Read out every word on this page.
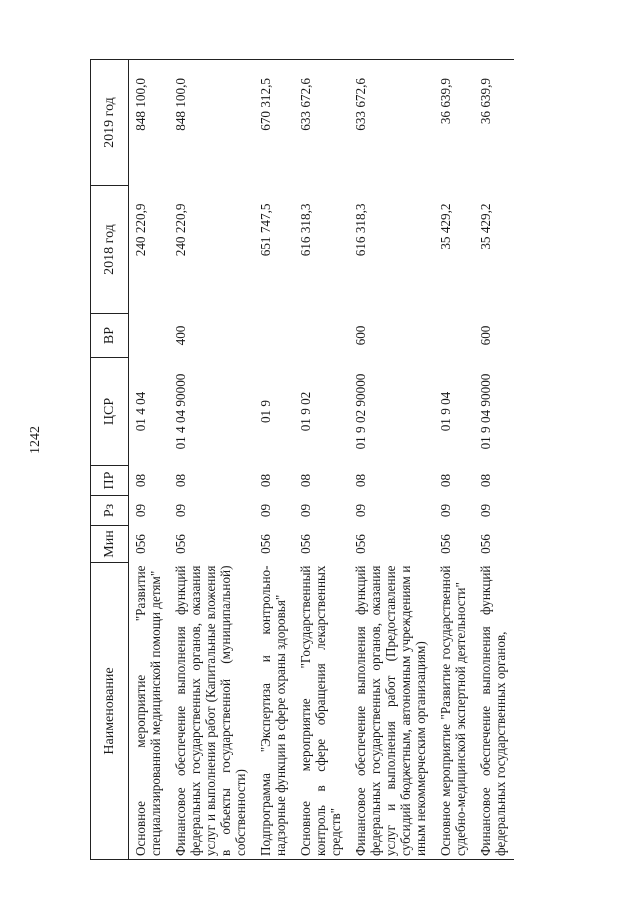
1242
Наименование	Мин	Рз	ПР	ЦСР	ВР	2018 год	2019 год
Основное мероприятие "Развитие специализированной медицинской помощи детям"	056	09	08	01 4 04		240 220,9	848 100,0
Финансовое обеспечение выполнения функций федеральных государственных органов, оказания услуг и выполнения работ (Капитальные вложения в объекты государственной (муниципальной) собственности)	056	09	08	01 4 04 90000	400	240 220,9	848 100,0
Подпрограмма "Экспертиза и контрольно-надзорные функции в сфере охраны здоровья"	056	09	08	01 9		651 747,5	670 312,5
Основное мероприятие "Государственный контроль в сфере обращения лекарственных средств"	056	09	08	01 9 02		616 318,3	633 672,6
Финансовое обеспечение выполнения функций федеральных государственных органов, оказания услуг и выполнения работ (Предоставление субсидий бюджетным, автономным учреждениям и иным некоммерческим организациям)	056	09	08	01 9 02 90000	600	616 318,3	633 672,6
Основное мероприятие "Развитие государственной судебно-медицинской экспертной деятельности"	056	09	08	01 9 04		35 429,2	36 639,9
Финансовое обеспечение выполнения функций федеральных государственных органов,	056	09	08	01 9 04 90000	600	35 429,2	36 639,9
